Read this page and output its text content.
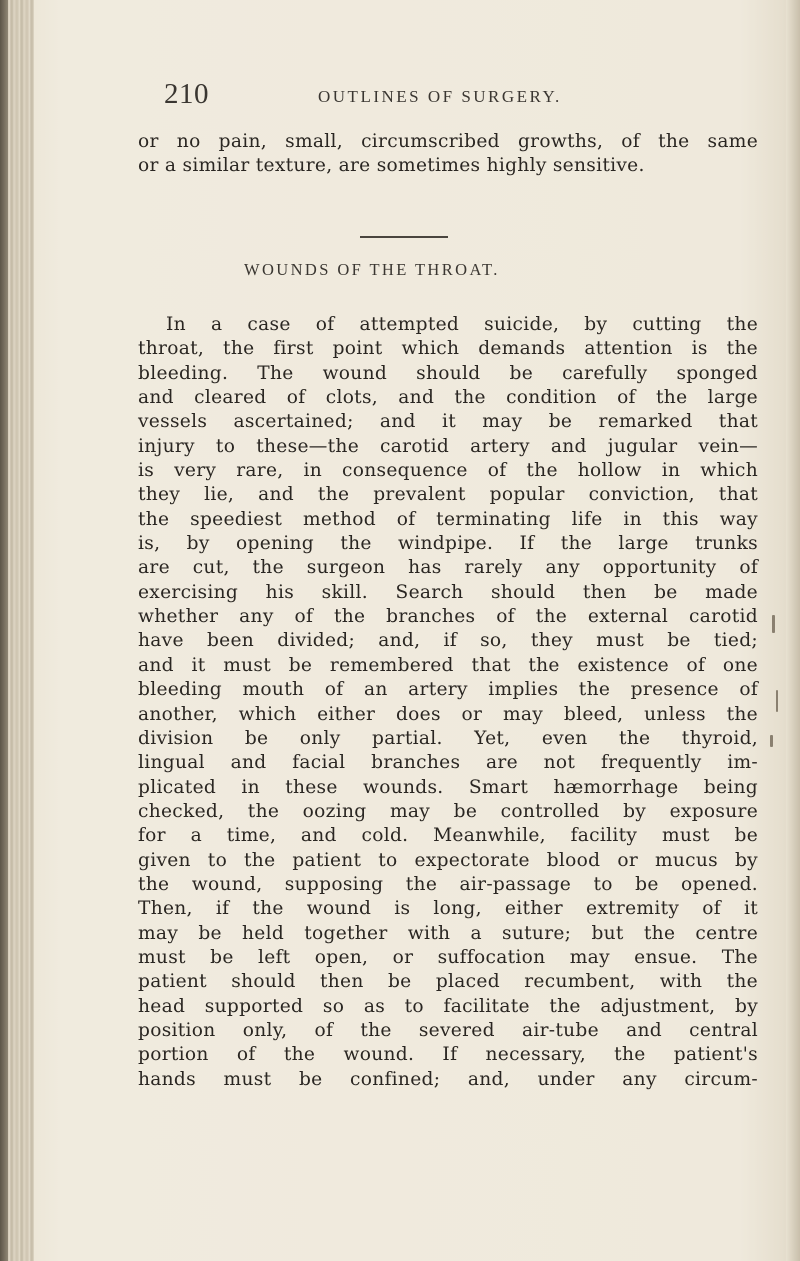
210	OUTLINES OF SURGERY.
or no pain, small, circumscribed growths, of the same
or a similar texture, are sometimes highly sensitive.
WOUNDS OF THE THROAT.
In a case of attempted suicide, by cutting the
throat, the first point which demands attention is the
bleeding. The wound should be carefully sponged
and cleared of clots, and the condition of the large
vessels ascertained; and it may be remarked that
injury to these—the carotid artery and jugular vein—
is very rare, in consequence of the hollow in which
they lie, and the prevalent popular conviction, that
the speediest method of terminating life in this way
is, by opening the windpipe. If the large trunks
are cut, the surgeon has rarely any opportunity of
exercising his skill. Search should then be made
whether any of the branches of the external carotid
have been divided; and, if so, they must be tied;
and it must be remembered that the existence of one
bleeding mouth of an artery implies the presence of
another, which either does or may bleed, unless the
division be only partial. Yet, even the thyroid,
lingual and facial branches are not frequently im-
plicated in these wounds. Smart hæmorrhage being
checked, the oozing may be controlled by exposure
for a time, and cold. Meanwhile, facility must be
given to the patient to expectorate blood or mucus by
the wound, supposing the air-passage to be opened.
Then, if the wound is long, either extremity of it
may be held together with a suture; but the centre
must be left open, or suffocation may ensue. The
patient should then be placed recumbent, with the
head supported so as to facilitate the adjustment, by
position only, of the severed air-tube and central
portion of the wound. If necessary, the patient's
hands must be confined; and, under any circum-
